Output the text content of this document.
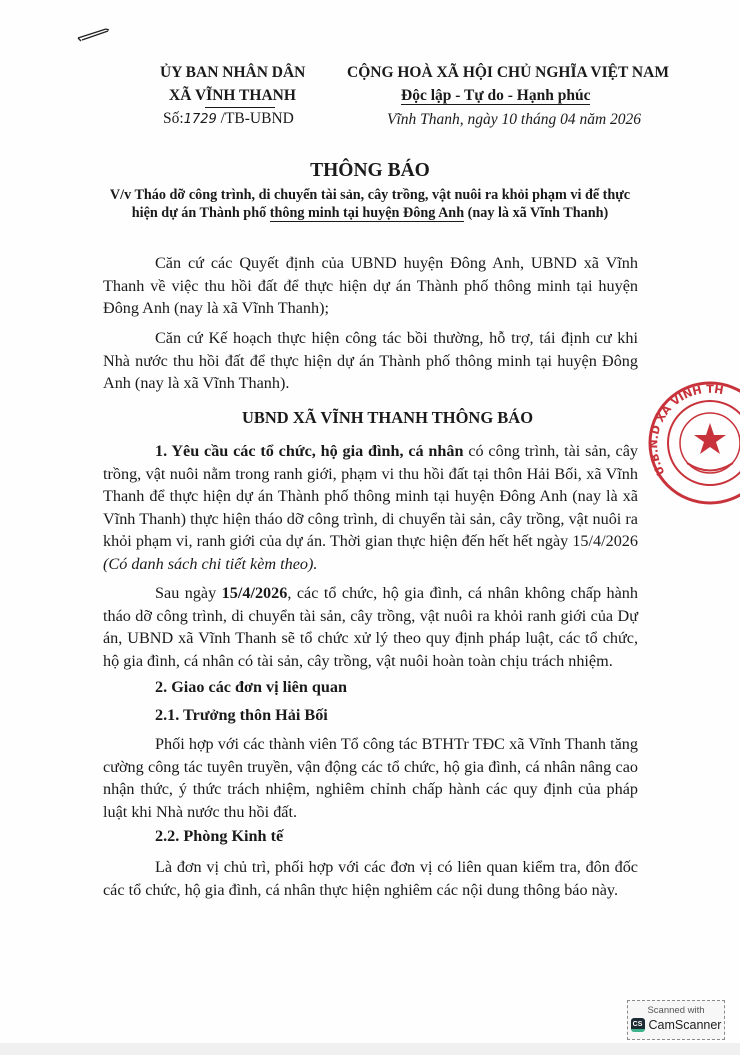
ỦY BAN NHÂN DÂN
XÃ VĨNH THANH
Số:1729 /TB-UBND
CỘNG HOÀ XÃ HỘI CHỦ NGHĨA VIỆT NAM
Độc lập - Tự do - Hạnh phúc
Vĩnh Thanh, ngày 10 tháng 04 năm 2026
THÔNG BÁO
V/v Tháo dỡ công trình, di chuyển tài sản, cây trồng, vật nuôi ra khỏi phạm vi để thực
hiện dự án Thành phố thông minh tại huyện Đông Anh (nay là xã Vĩnh Thanh)
Căn cứ các Quyết định của UBND huyện Đông Anh, UBND xã Vĩnh Thanh về việc thu hồi đất để thực hiện dự án Thành phố thông minh tại huyện Đông Anh (nay là xã Vĩnh Thanh);
Căn cứ Kế hoạch thực hiện công tác bồi thường, hỗ trợ, tái định cư khi Nhà nước thu hồi đất để thực hiện dự án Thành phố thông minh tại huyện Đông Anh (nay là xã Vĩnh Thanh).
UBND XÃ VĨNH THANH THÔNG BÁO
1. Yêu cầu các tổ chức, hộ gia đình, cá nhân có công trình, tài sản, cây trồng, vật nuôi nằm trong ranh giới, phạm vi thu hồi đất tại thôn Hải Bối, xã Vĩnh Thanh để thực hiện dự án Thành phố thông minh tại huyện Đông Anh (nay là xã Vĩnh Thanh) thực hiện tháo dỡ công trình, di chuyển tài sản, cây trồng, vật nuôi ra khỏi phạm vi, ranh giới của dự án. Thời gian thực hiện đến hết hết ngày 15/4/2026 (Có danh sách chi tiết kèm theo).
Sau ngày 15/4/2026, các tổ chức, hộ gia đình, cá nhân không chấp hành tháo dỡ công trình, di chuyển tài sản, cây trồng, vật nuôi ra khỏi ranh giới của Dự án, UBND xã Vĩnh Thanh sẽ tổ chức xử lý theo quy định pháp luật, các tổ chức, hộ gia đình, cá nhân có tài sản, cây trồng, vật nuôi hoàn toàn chịu trách nhiệm.
2. Giao các đơn vị liên quan
2.1. Trưởng thôn Hải Bối
Phối hợp với các thành viên Tổ công tác BTHTr TĐC xã Vĩnh Thanh tăng cường công tác tuyên truyền, vận động các tổ chức, hộ gia đình, cá nhân nâng cao nhận thức, ý thức trách nhiệm, nghiêm chỉnh chấp hành các quy định của pháp luật khi Nhà nước thu hồi đất.
2.2. Phòng Kinh tế
Là đơn vị chủ trì, phối hợp với các đơn vị có liên quan kiểm tra, đôn đốc các tổ chức, hộ gia đình, cá nhân thực hiện nghiêm các nội dung thông báo này.
U.B.N.D XÃ VĨNH TH
Scanned with
CS CamScanner
